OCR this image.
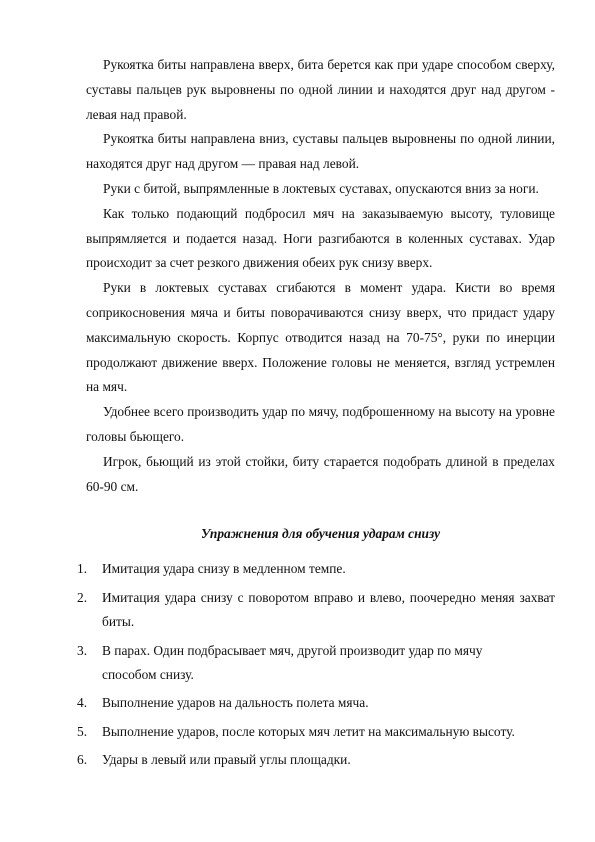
Рукоятка биты направлена вверх, бита берется как при ударе способом сверху, суставы пальцев рук выровнены по одной линии и находятся друг над другом - левая над правой.

Рукоятка биты направлена вниз, суставы пальцев выровнены по одной линии, находятся друг над другом — правая над левой.

Руки с битой, выпрямленные в локтевых суставах, опускаются вниз за ноги.

Как только подающий подбросил мяч на заказываемую высоту, туловище выпрямляется и подается назад. Ноги разгибаются в коленных суставах. Удар происходит за счет резкого движения обеих рук снизу вверх.

Руки в локтевых суставах сгибаются в момент удара. Кисти во время соприкосновения мяча и биты поворачиваются снизу вверх, что придаст удару максимальную скорость. Корпус отводится назад на 70-75°, руки по инерции продолжают движение вверх. Положение головы не меняется, взгляд устремлен на мяч.

Удобнее всего производить удар по мячу, подброшенному на высоту на уровне головы бьющего.

Игрок, бьющий из этой стойки, биту старается подобрать длиной в пределах 60-90 см.

Упражнения для обучения ударам снизу
1. Имитация удара снизу в медленном темпе.
2. Имитация удара снизу с поворотом вправо и влево, поочередно меняя захват биты.
3. В парах. Один подбрасывает мяч, другой производит удар по мячу способом снизу.
4. Выполнение ударов на дальность полета мяча.
5. Выполнение ударов, после которых мяч летит на максимальную высоту.
6. Удары в левый или правый углы площадки.
